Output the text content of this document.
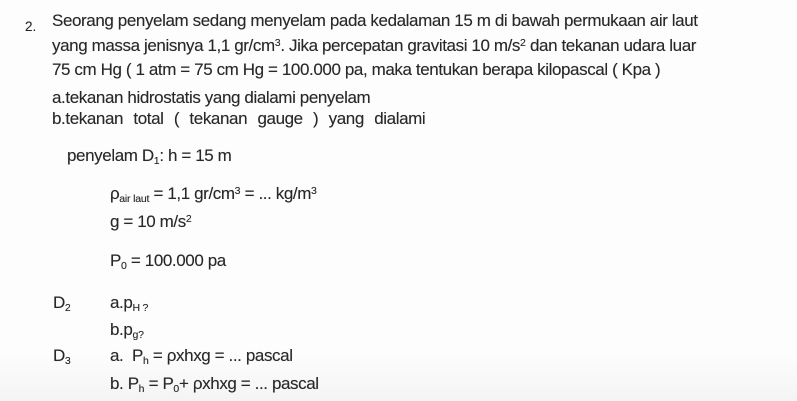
2. Seorang penyelam sedang menyelam pada kedalaman 15 m di bawah permukaan air laut
yang massa jenisnya 1,1 $gr/cm^3$. Jika percepatan gravitasi 10 $m/s^2$ dan tekanan udara luar
75 cm Hg ( 1 atm = 75 cm Hg = 100.000 pa, maka tentukan berapa kilopascal ( Kpa )
a.tekanan hidrostatis yang dialami penyelam
b.tekanan total ( tekanan gauge ) yang dialami
penyelam D1: h = 15 m
ρair laut = 1,1 $gr/cm^3$ = ... $kg/m^3$
g = 10 $m/s^2$
P0 = 100.000 pa
D2 a.pH ?
b.pg?
D3 a.  Ph = ρxhxg = ... pascal
b. Ph = P0+ ρxhxg = ... pascal
